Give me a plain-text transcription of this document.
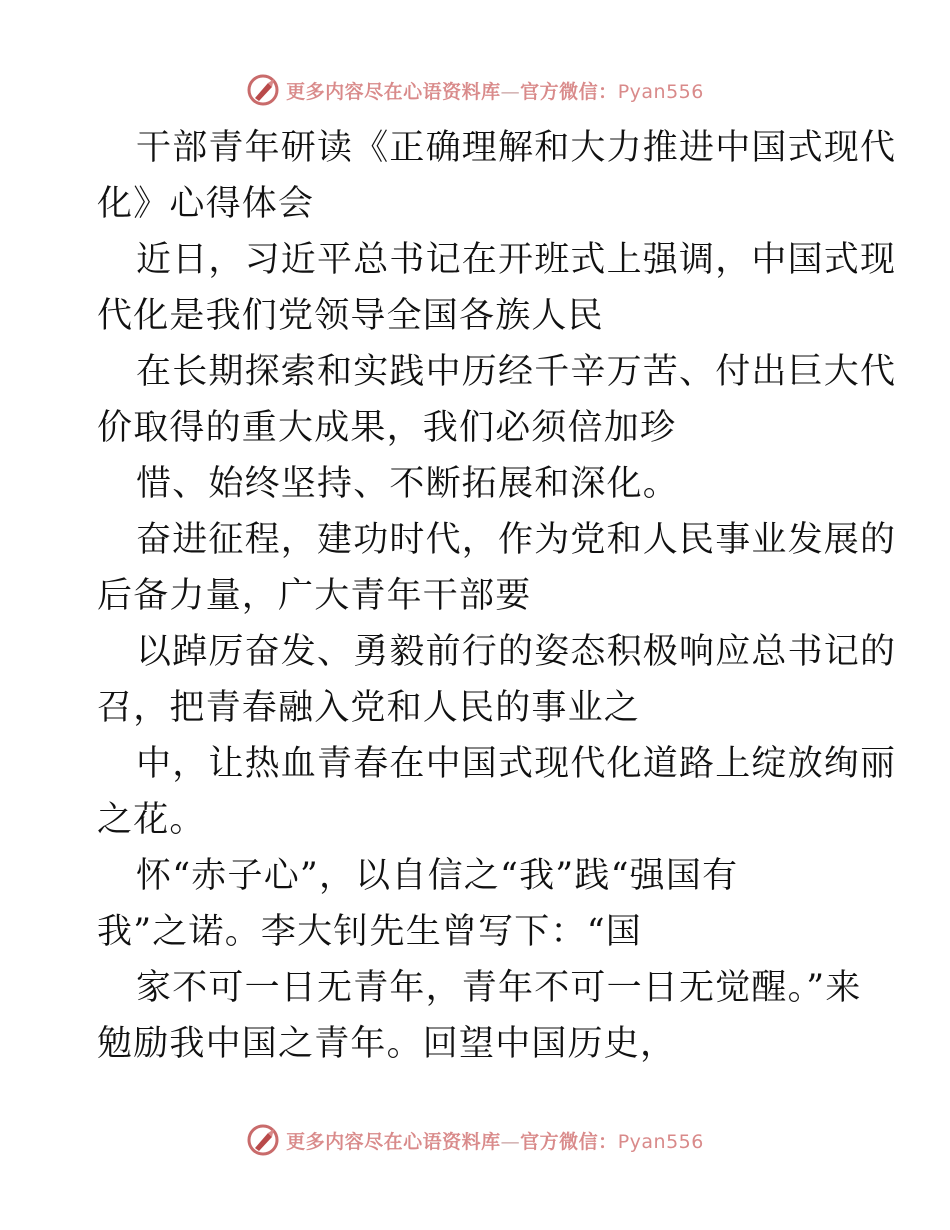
更多内容尽在心语资料库—官方微信：Pyan556
干部青年研读《正确理解和大力推进中国式现代
化》心得体会
近日，习近平总书记在开班式上强调，中国式现
代化是我们党领导全国各族人民
在长期探索和实践中历经千辛万苦、付出巨大代
价取得的重大成果，我们必须倍加珍
惜、始终坚持、不断拓展和深化。
奋进征程，建功时代，作为党和人民事业发展的
后备力量，广大青年干部要
以踔厉奋发、勇毅前行的姿态积极响应总书记的
召，把青春融入党和人民的事业之
中，让热血青春在中国式现代化道路上绽放绚丽
之花。
怀“赤子心”，以自信之“我”践“强国有
我”之诺。李大钊先生曾写下：“国
家不可一日无青年，青年不可一日无觉醒。”来
勉励我中国之青年。回望中国历史，
更多内容尽在心语资料库—官方微信：Pyan556
